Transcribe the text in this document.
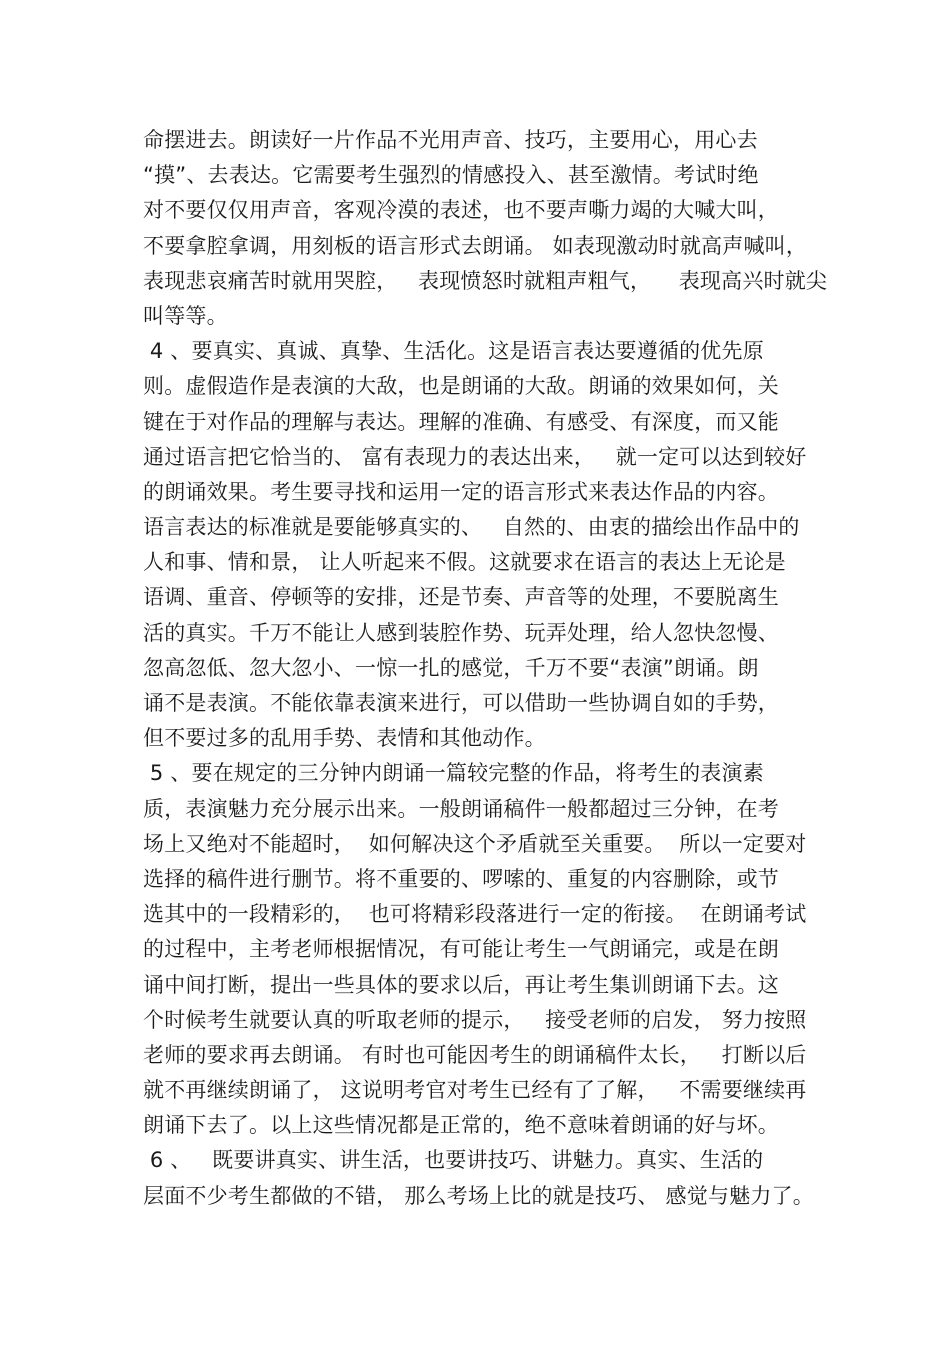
命摆进去。朗读好一片作品不光用声音、技巧，主要用心，用心去
“摸”、去表达。它需要考生强烈的情感投入、甚至激情。考试时绝
对不要仅仅用声音，客观冷漠的表述，也不要声嘶力竭的大喊大叫，
不要拿腔拿调，用刻板的语言形式去朗诵。 如表现激动时就高声喊叫，
表现悲哀痛苦时就用哭腔，   表现愤怒时就粗声粗气，    表现高兴时就尖
叫等等。
4 、要真实、真诚、真挚、生活化。这是语言表达要遵循的优先原
则。虚假造作是表演的大敌，也是朗诵的大敌。朗诵的效果如何，关
键在于对作品的理解与表达。理解的准确、有感受、有深度，而又能
通过语言把它恰当的、 富有表现力的表达出来，   就一定可以达到较好
的朗诵效果。考生要寻找和运用一定的语言形式来表达作品的内容。
语言表达的标准就是要能够真实的、   自然的、由衷的描绘出作品中的
人和事、情和景， 让人听起来不假。这就要求在语言的表达上无论是
语调、重音、停顿等的安排，还是节奏、声音等的处理，不要脱离生
活的真实。千万不能让人感到装腔作势、玩弄处理，给人忽快忽慢、
忽高忽低、忽大忽小、一惊一扎的感觉，千万不要“表演”朗诵。朗
诵不是表演。不能依靠表演来进行，可以借助一些协调自如的手势，
但不要过多的乱用手势、表情和其他动作。
5 、要在规定的三分钟内朗诵一篇较完整的作品，将考生的表演素
质，表演魅力充分展示出来。一般朗诵稿件一般都超过三分钟，在考
场上又绝对不能超时，  如何解决这个矛盾就至关重要。  所以一定要对
选择的稿件进行删节。将不重要的、啰嗦的、重复的内容删除，或节
选其中的一段精彩的，  也可将精彩段落进行一定的衔接。  在朗诵考试
的过程中，主考老师根据情况，有可能让考生一气朗诵完，或是在朗
诵中间打断，提出一些具体的要求以后，再让考生集训朗诵下去。这
个时候考生就要认真的听取老师的提示，   接受老师的启发， 努力按照
老师的要求再去朗诵。 有时也可能因考生的朗诵稿件太长，   打断以后
就不再继续朗诵了， 这说明考官对考生已经有了了解，   不需要继续再
朗诵下去了。以上这些情况都是正常的，绝不意味着朗诵的好与坏。
6 、   既要讲真实、讲生活，也要讲技巧、讲魅力。真实、生活的
层面不少考生都做的不错， 那么考场上比的就是技巧、 感觉与魅力了。
